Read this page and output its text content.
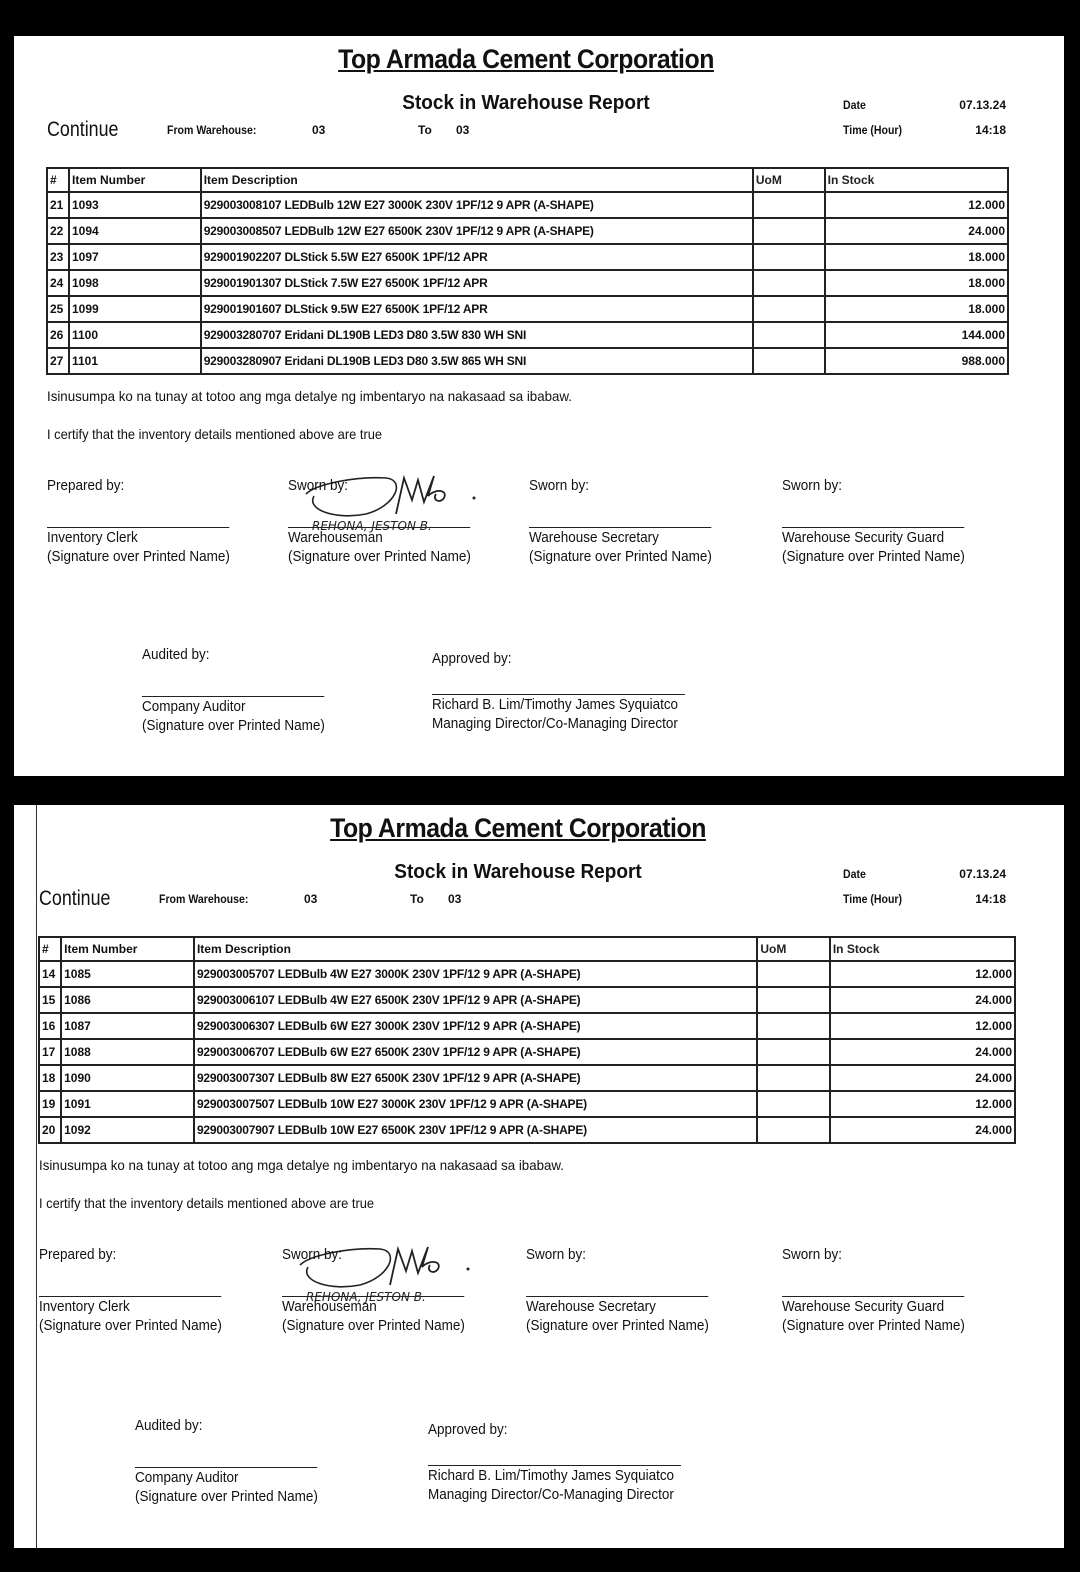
Top Armada Cement Corporation
Stock in Warehouse Report
Continue	From Warehouse:	03	To 03
Date	07.13.24
Time (Hour)	14:18
#	Item Number	Item Description	UoM	In Stock
21	1093	929003008107 LEDBulb 12W E27 3000K 230V 1PF/12 9 APR (A-SHAPE)		12.000
22	1094	929003008507 LEDBulb 12W E27 6500K 230V 1PF/12 9 APR (A-SHAPE)		24.000
23	1097	929001902207 DLStick 5.5W E27 6500K 1PF/12 APR		18.000
24	1098	929001901307 DLStick 7.5W E27 6500K 1PF/12 APR		18.000
25	1099	929001901607 DLStick 9.5W E27 6500K 1PF/12 APR		18.000
26	1100	929003280707 Eridani DL190B LED3 D80 3.5W 830 WH SNI		144.000
27	1101	929003280907 Eridani DL190B LED3 D80 3.5W 865 WH SNI		988.000
Isinusumpa ko na tunay at totoo ang mga detalye ng imbentaryo na nakasaad sa ibabaw.
I certify that the inventory details mentioned above are true
REHONA, JESTON B.
Prepared by:
Inventory Clerk
(Signature over Printed Name)
Sworn by:
Warehouseman
(Signature over Printed Name)
Sworn by:
Warehouse Secretary
(Signature over Printed Name)
Sworn by:
Warehouse Security Guard
(Signature over Printed Name)
Audited by:
Company Auditor
(Signature over Printed Name)
Approved by:
Richard B. Lim/Timothy James Syquiatco
Managing Director/Co-Managing Director
Top Armada Cement Corporation
Stock in Warehouse Report
Continue	From Warehouse:	03	To 03
Date	07.13.24
Time (Hour)	14:18
#	Item Number	Item Description	UoM	In Stock
14	1085	929003005707 LEDBulb 4W E27 3000K 230V 1PF/12 9 APR (A-SHAPE)		12.000
15	1086	929003006107 LEDBulb 4W E27 6500K 230V 1PF/12 9 APR (A-SHAPE)		24.000
16	1087	929003006307 LEDBulb 6W E27 3000K 230V 1PF/12 9 APR (A-SHAPE)		12.000
17	1088	929003006707 LEDBulb 6W E27 6500K 230V 1PF/12 9 APR (A-SHAPE)		24.000
18	1090	929003007307 LEDBulb 8W E27 6500K 230V 1PF/12 9 APR (A-SHAPE)		24.000
19	1091	929003007507 LEDBulb 10W E27 3000K 230V 1PF/12 9 APR (A-SHAPE)		12.000
20	1092	929003007907 LEDBulb 10W E27 6500K 230V 1PF/12 9 APR (A-SHAPE)		24.000
Isinusumpa ko na tunay at totoo ang mga detalye ng imbentaryo na nakasaad sa ibabaw.
I certify that the inventory details mentioned above are true
REHONA, JESTON B.
Prepared by:
Inventory Clerk
(Signature over Printed Name)
Sworn by:
Warehouseman
(Signature over Printed Name)
Sworn by:
Warehouse Secretary
(Signature over Printed Name)
Sworn by:
Warehouse Security Guard
(Signature over Printed Name)
Audited by:
Company Auditor
(Signature over Printed Name)
Approved by:
Richard B. Lim/Timothy James Syquiatco
Managing Director/Co-Managing Director
